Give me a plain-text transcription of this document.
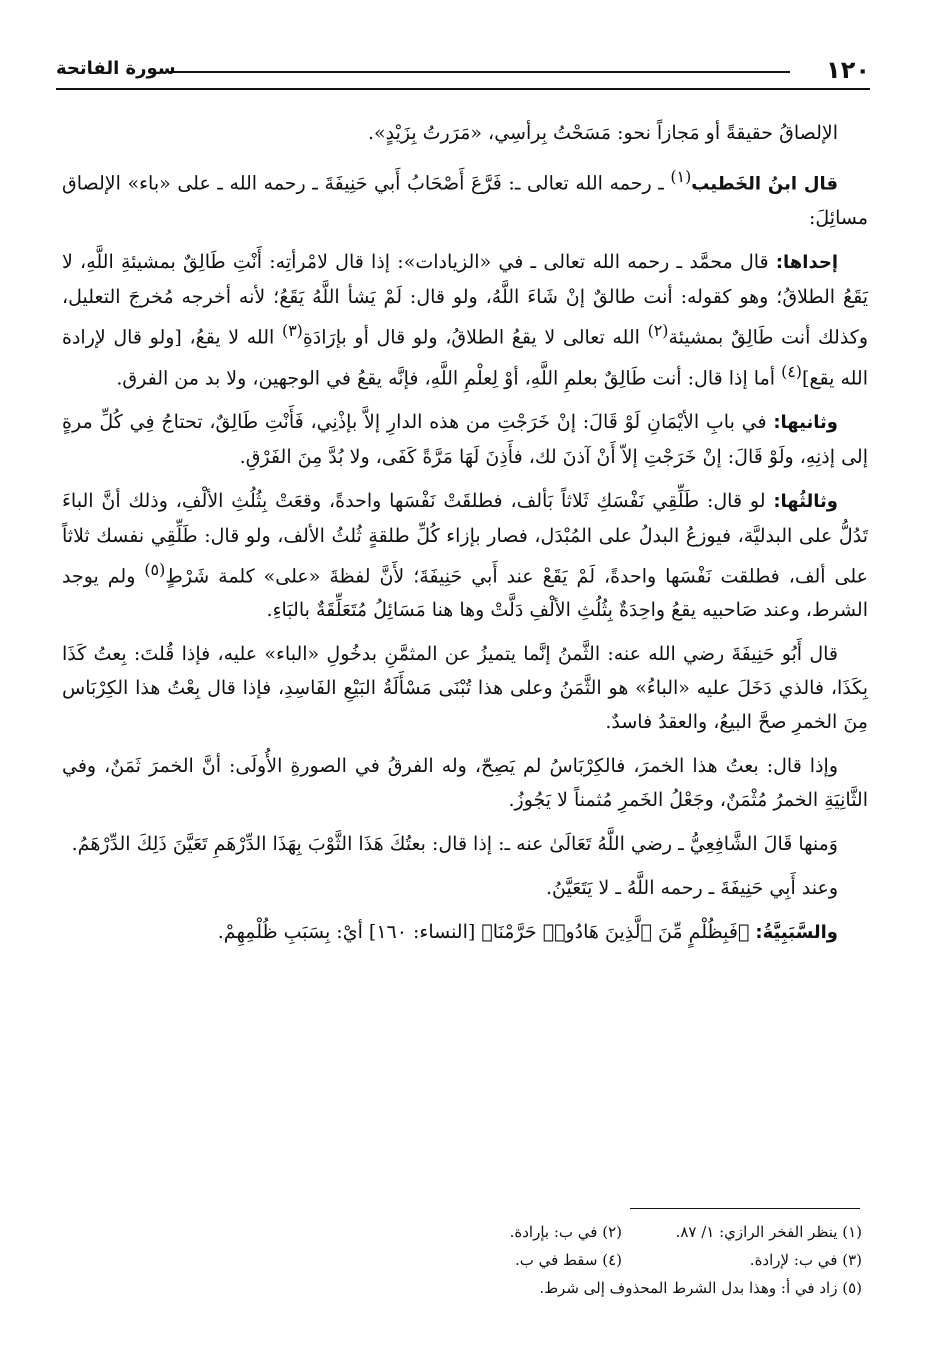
١٢٠
سورة الفاتحة

الإلصاقُ حقيقةً أو مَجازاً نحو: مَسَحْتُ بِرأسِي، «مَرَرتُ بِزَيْدٍ».

قال ابنُ الخَطيب$^{(١)}$ ـ رحمه الله تعالى ـ: فَرَّعَ أَصْحَابُ أَبي حَنِيفَةَ ـ رحمه الله ـ على «باء» الإلصاق مسائِلَ:

إحداها: قال محمَّد ـ رحمه الله تعالى ـ في «الزيادات»: إذا قال لامْرأتِه: أَنْتِ طَالِقٌ بمشيئةِ اللَّهِ، لا يَقَعُ الطلاقُ؛ وهو كقوله: أنت طالقٌ إنْ شَاءَ اللَّهُ، ولو قال: لَمْ يَشأ اللَّهُ يَقَعُ؛ لأنه أخرجه مُخرجَ التعليل، وكذلك أنت طَالِقٌ بمشيئة$^{(٢)}$ الله تعالى لا يقعُ الطلاقُ، ولو قال أو بإرَادَةِ$^{(٣)}$ الله لا يقعُ، [ولو قال لإرادة الله يقع]$^{(٤)}$ أما إذا قال: أنت طَالِقٌ بعلمِ اللَّهِ، أوْ لِعلْمِ اللَّهِ، فإنَّه يقعُ في الوجهين، ولا بد من الفرق.

وثانيها: في بابِ الأيْمَانِ لَوْ قَالَ: إنْ خَرَجْتِ من هذه الدارِ إلاَّ بإذْنِي، فَأَنْتِ طَالِقٌ، تحتاجُ فِي كُلِّ مرةٍ إلى إذنِهِ، ولَوْ قَالَ: إنْ خَرَجْتِ إلاّ أَنْ آذنَ لك، فأَذِنَ لَهَا مَرَّةً كَفَى، ولا بُدَّ مِنَ الفَرْقِ.

وثالثُها: لو قال: طَلِّقِي نَفْسَكِ ثَلاثاً بَألف، فطلقَتْ نَفْسَها واحدةً، وقعَتْ بِثُلُثِ الألْفِ، وذلك أنَّ الباءَ تَدُلُّ على البدليَّة، فيوزعُ البدلُ على المُبْدَل، فصار بإزاء كُلِّ طلقةٍ ثُلثُ الألف، ولو قال: طَلِّقِي نفسك ثلاثاً على ألف، فطلقت نَفْسَها واحدةً، لَمْ يَقَعْ عند أَبي حَنِيفَةَ؛ لأَنَّ لفظةَ «على» كلمة شَرْطٍ$^{(٥)}$ ولم يوجد الشرط، وعند صَاحبيه يقعُ واحِدَةٌ بِثُلُثِ الألْفِ دَلَّتْ وها هنا مَسَائِلُ مُتَعَلِّقَةٌ بالبَاءِ.

قال أَبُو حَنِيفَةَ رضي الله عنه: الثَّمنُ إنَّما يتميزُ عن المثمَّنِ بدخُولِ «الباء» عليه، فإذا قُلتَ: بِعتُ كَذَا بِكَذَا، فالذي دَخَلَ عليه «الباءُ» هو الثَّمَنُ وعلى هذا تُبْنَى مَسْأَلَةُ البَيْعِ الفَاسِدِ، فإذا قال بِعْتُ هذا الكِرْبَاس مِنَ الخمرِ صحَّ البيعُ، والعقدُ فاسدٌ.

وإذا قال: بعتُ هذا الخمرَ، فالكِرْبَاسُ لم يَصِحّ، وله الفرقُ في الصورةِ الأُولَى: أنَّ الخمرَ ثَمَنٌ، وفي الثَّانِيَةِ الخمرُ مُثْمَنٌ، وجَعْلُ الخَمرِ مُثمناً لا يَجُوزُ.

وَمنها قَالَ الشَّافِعِيُّ ـ رضي اللَّهُ تَعَالَىٰ عنه ـ: إذا قال: بعتُكَ هَذَا الثَّوْبَ بِهَذَا الدِّرْهَمِ تَعَيَّنَ ذَلِكَ الدِّرْهَمُ.

وعند أَبِي حَنِيفَةَ ـ رحمه اللَّهُ ـ لا يَتَعَيَّنُ.

والسَّبَبِيَّةُ: ﴿فَبِظُلْمٍ مِّنَ ٱلَّذِينَ هَادُوا۟ حَرَّمْنَا﴾ [النساء: ١٦٠] أيْ: بِسَبَبِ ظُلْمِهِمْ.

(١) ينظر الفخر الرازي: ١/ ٨٧.
(٢) في ب: بإرادة.
(٣) في ب: لإرادة.
(٤) سقط في ب.
(٥) زاد في أ: وهذا بدل الشرط المحذوف إلى شرط.
